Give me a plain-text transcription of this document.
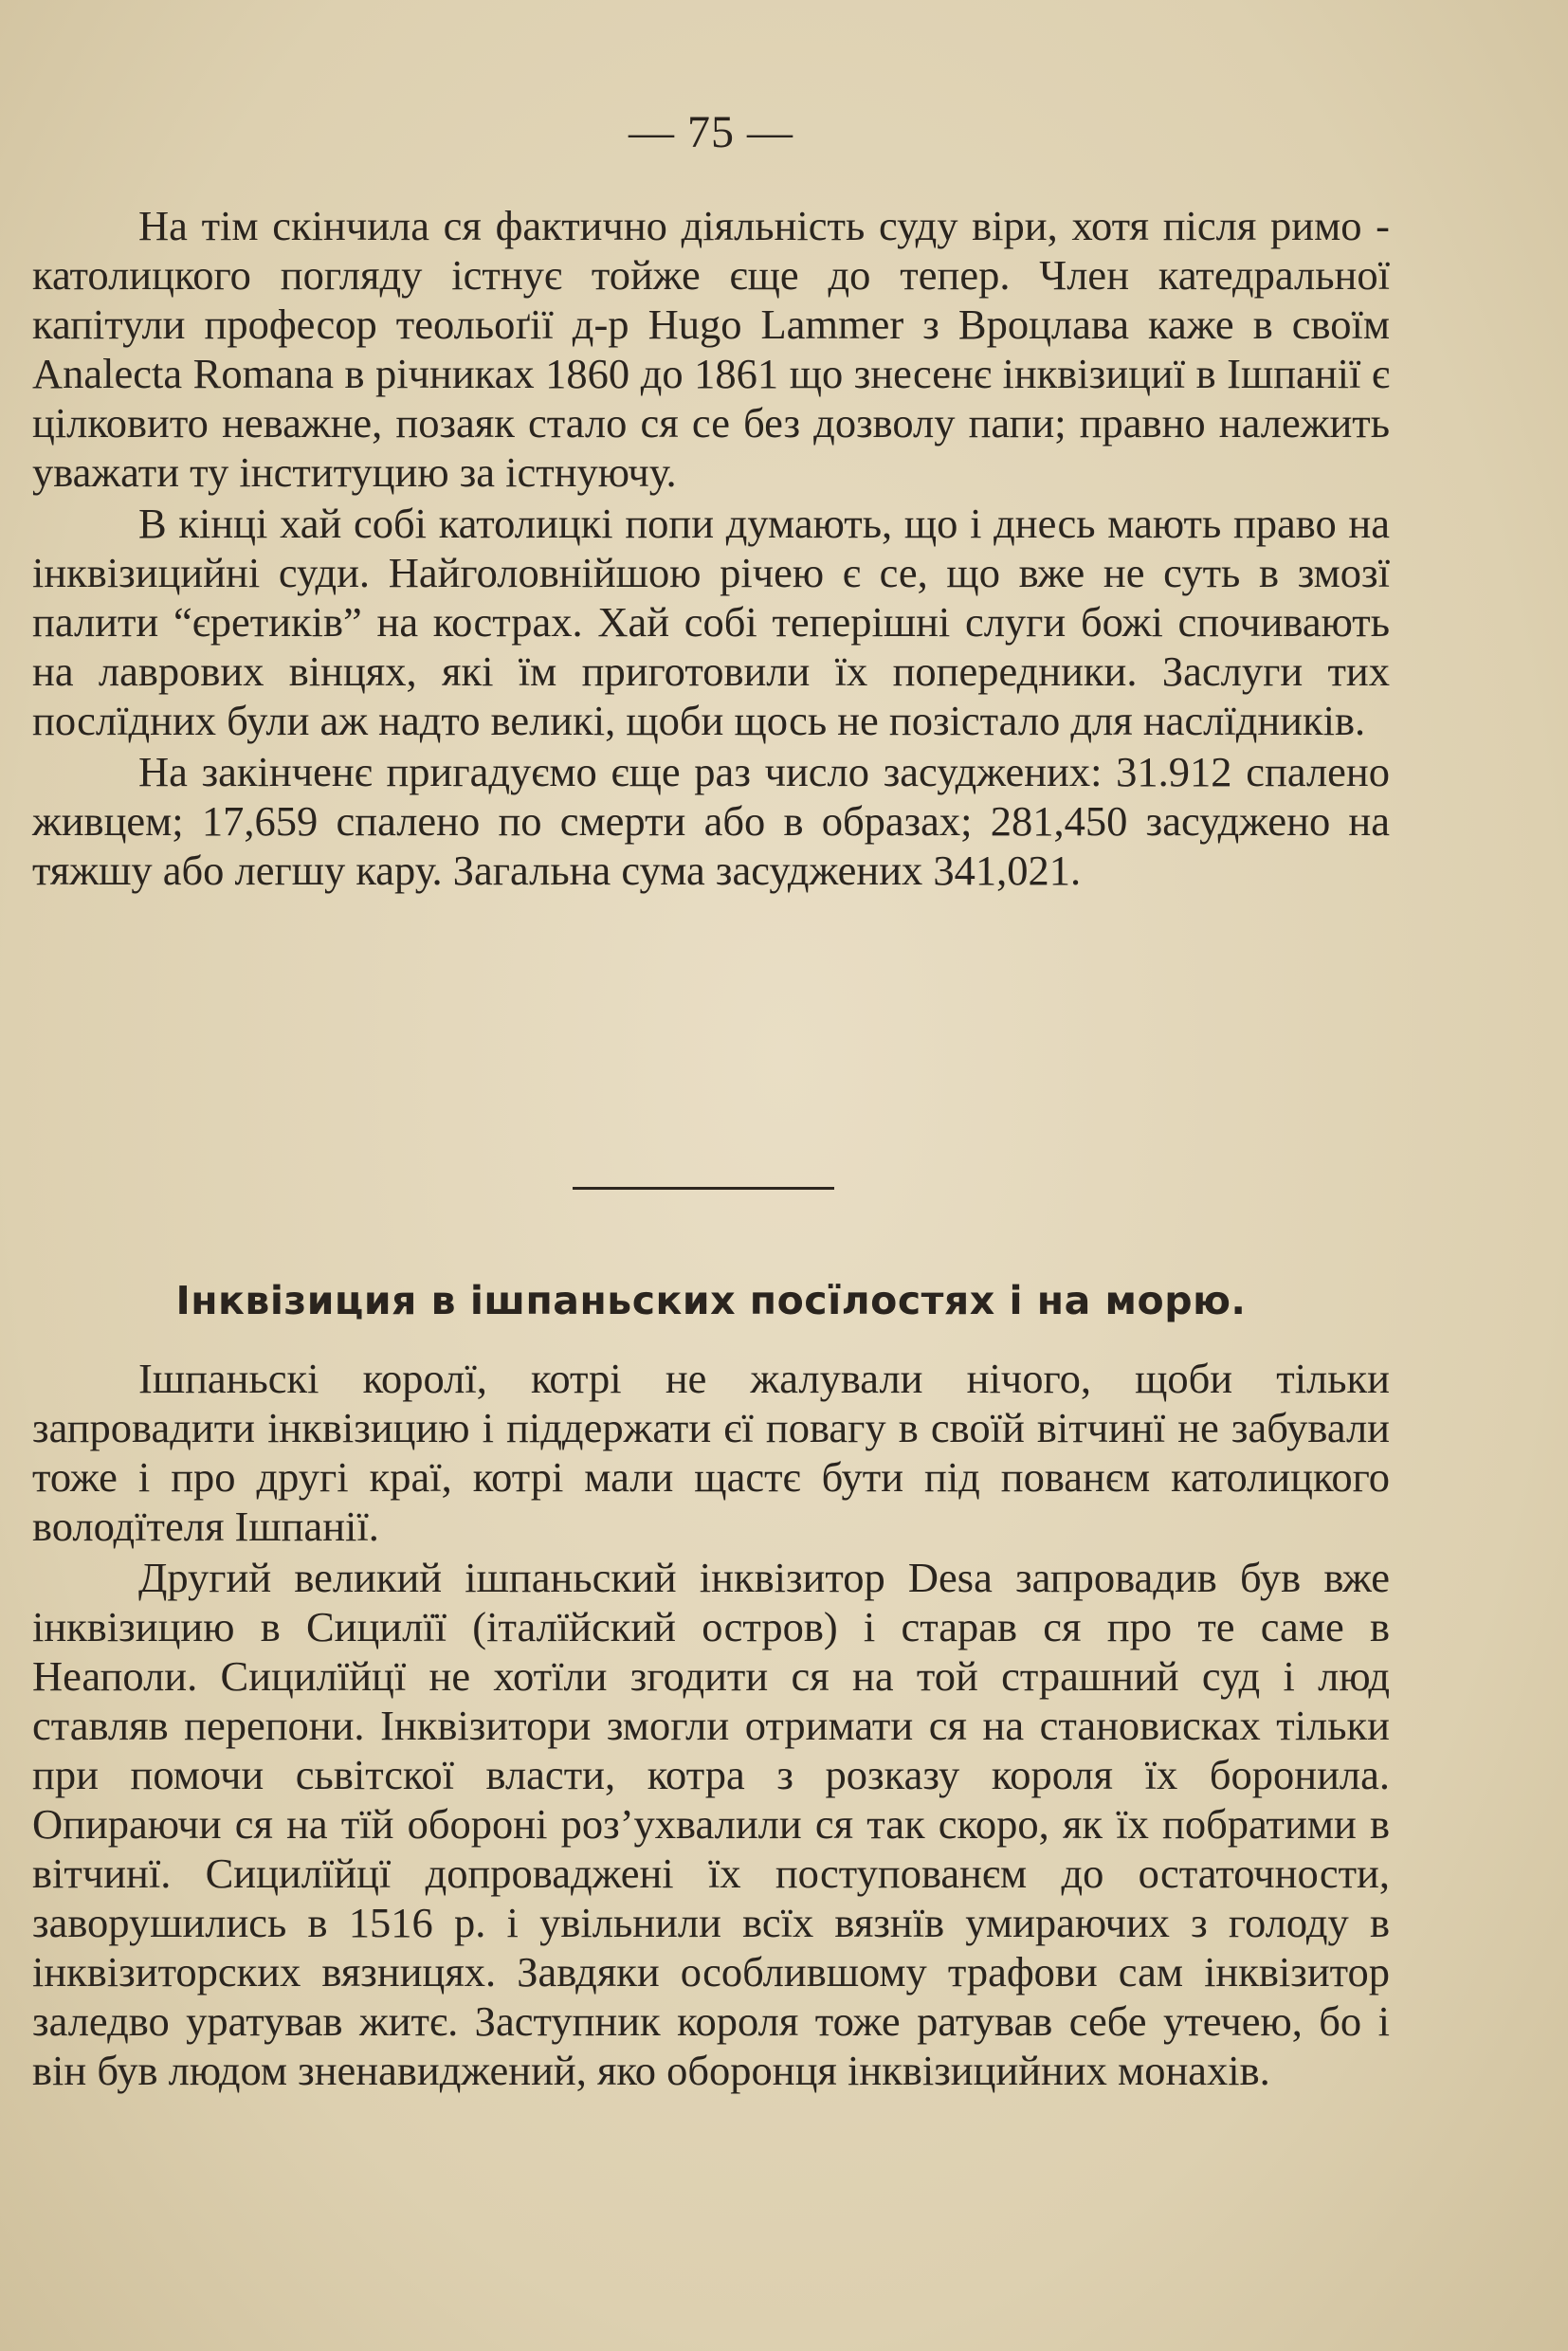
— 75 —

На тім скінчила ся фактично діяльність суду віри, хотя після римо - католицкого погляду істнує тойже єще до тепер. Член катедральної капітули професор теольоґії д-р Hugo Lammer з Вроцлава каже в своїм Analecta Romana в річниках 1860 до 1861 що знесенє інквізициї в Ішпанії є цілковито неважне, позаяк стало ся се без дозволу папи; правно належить уважати ту інституцию за істнуючу.

В кінці хай собі католицкі попи думають, що і днесь мають право на інквізицийні суди. Найголовнійшою річею є се, що вже не суть в змозї палити “єретиків” на кострах. Хай собі теперішні слуги божі спочивають на лаврових вінцях, які їм приготовили їх попередники. Заслуги тих послїдних були аж надто великі, щоби щось не позістало для наслїдників.

На закінченє пригадуємо єще раз число засуджених: 31.912 спалено живцем; 17,659 спалено по смерти або в образах; 281,450 засуджено на тяжшу або легшу кару. Загальна сума засуджених 341,021.

Інквізиция в ішпаньских посїлостях і на морю.

Ішпаньскі королї, котрі не жалували нічого, щоби тільки запровадити інквізицию і піддержати єї повагу в своїй вітчинї не забували тоже і про другі краї, котрі мали щастє бути під пованєм католицкого володїтеля Ішпанії.

Другий великий ішпаньский інквізитор Desa запровадив був вже інквізицию в Сицилїї (італїйский остров) і старав ся про те саме в Неаполи. Сицилїйцї не хотїли згодити ся на той страшний суд і люд ставляв перепони. Інквізитори змогли отримати ся на становисках тільки при помочи сьвітскої власти, котра з розказу короля їх боронила. Опираючи ся на тїй обороні роз’ухвалили ся так скоро, як їх побратими в вітчинї. Сицилїйцї допроваджені їх поступованєм до остаточности, заворушились в 1516 р. і увільнили всїх вязнїв умираючих з голоду в інквізиторских вязницях. Завдяки особлившому трафови сам інквізитор заледво уратував житє. Заступник короля тоже ратував себе утечею, бо і він був людом зненавиджений, яко оборонця інквізицийних монахів.
